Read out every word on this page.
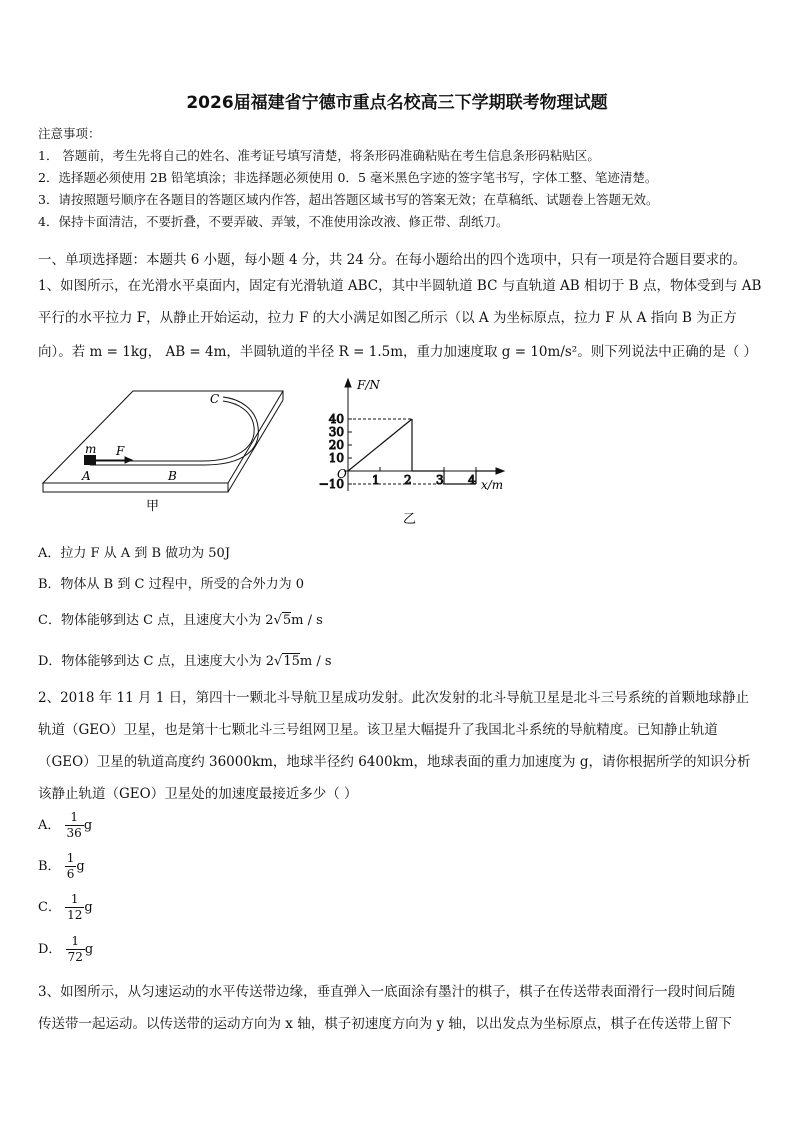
2026届福建省宁德市重点名校高三下学期联考物理试题
注意事项：
1． 答题前，考生先将自己的姓名、准考证号填写清楚，将条形码准确粘贴在考生信息条形码粘贴区。
2．选择题必须使用 2B 铅笔填涂；非选择题必须使用 0．5 毫米黑色字迹的签字笔书写，字体工整、笔迹清楚。
3．请按照题号顺序在各题目的答题区域内作答，超出答题区域书写的答案无效；在草稿纸、试题卷上答题无效。
4．保持卡面清洁，不要折叠，不要弄破、弄皱，不准使用涂改液、修正带、刮纸刀。
一、单项选择题：本题共 6 小题，每小题 4 分，共 24 分。在每小题给出的四个选项中，只有一项是符合题目要求的。
1、如图所示，在光滑水平桌面内，固定有光滑轨道 ABC，其中半圆轨道 BC 与直轨道 AB 相切于 B 点，物体受到与 AB
平行的水平拉力 F，从静止开始运动，拉力 F 的大小满足如图乙所示（以 A 为坐标原点，拉力 F 从 A 指向 B 为正方
向）。若 m = 1kg， AB = 4m，半圆轨道的半径 R = 1.5m，重力加速度取 g = 10m/s²。则下列说法中正确的是（ ）
m F
A	B
C
甲
40
30
20
10
−10 1 2 3 4
F/N
x/m
O
乙
A．拉力 F 从 A 到 B 做功为 50J
B．物体从 B 到 C 过程中，所受的合外力为 0
C．物体能够到达 C 点，且速度大小为 2√5m / s
D．物体能够到达 C 点，且速度大小为 2√15m / s
2、2018 年 11 月 1 日，第四十一颗北斗导航卫星成功发射。此次发射的北斗导航卫星是北斗三号系统的首颗地球静止
轨道（GEO）卫星，也是第十七颗北斗三号组网卫星。该卫星大幅提升了我国北斗系统的导航精度。已知静止轨道
（GEO）卫星的轨道高度约 36000km，地球半径约 6400km，地球表面的重力加速度为 g，请你根据所学的知识分析
该静止轨道（GEO）卫星处的加速度最接近多少（ ）
A． $\frac{1}{36}$ g
B． $\frac{1}{6}$ g
C． $\frac{1}{12}$ g
D． $\frac{1}{72}$ g
3、如图所示，从匀速运动的水平传送带边缘，垂直弹入一底面涂有墨汁的棋子，棋子在传送带表面滑行一段时间后随
传送带一起运动。以传送带的运动方向为 x 轴，棋子初速度方向为 y 轴，以出发点为坐标原点，棋子在传送带上留下
